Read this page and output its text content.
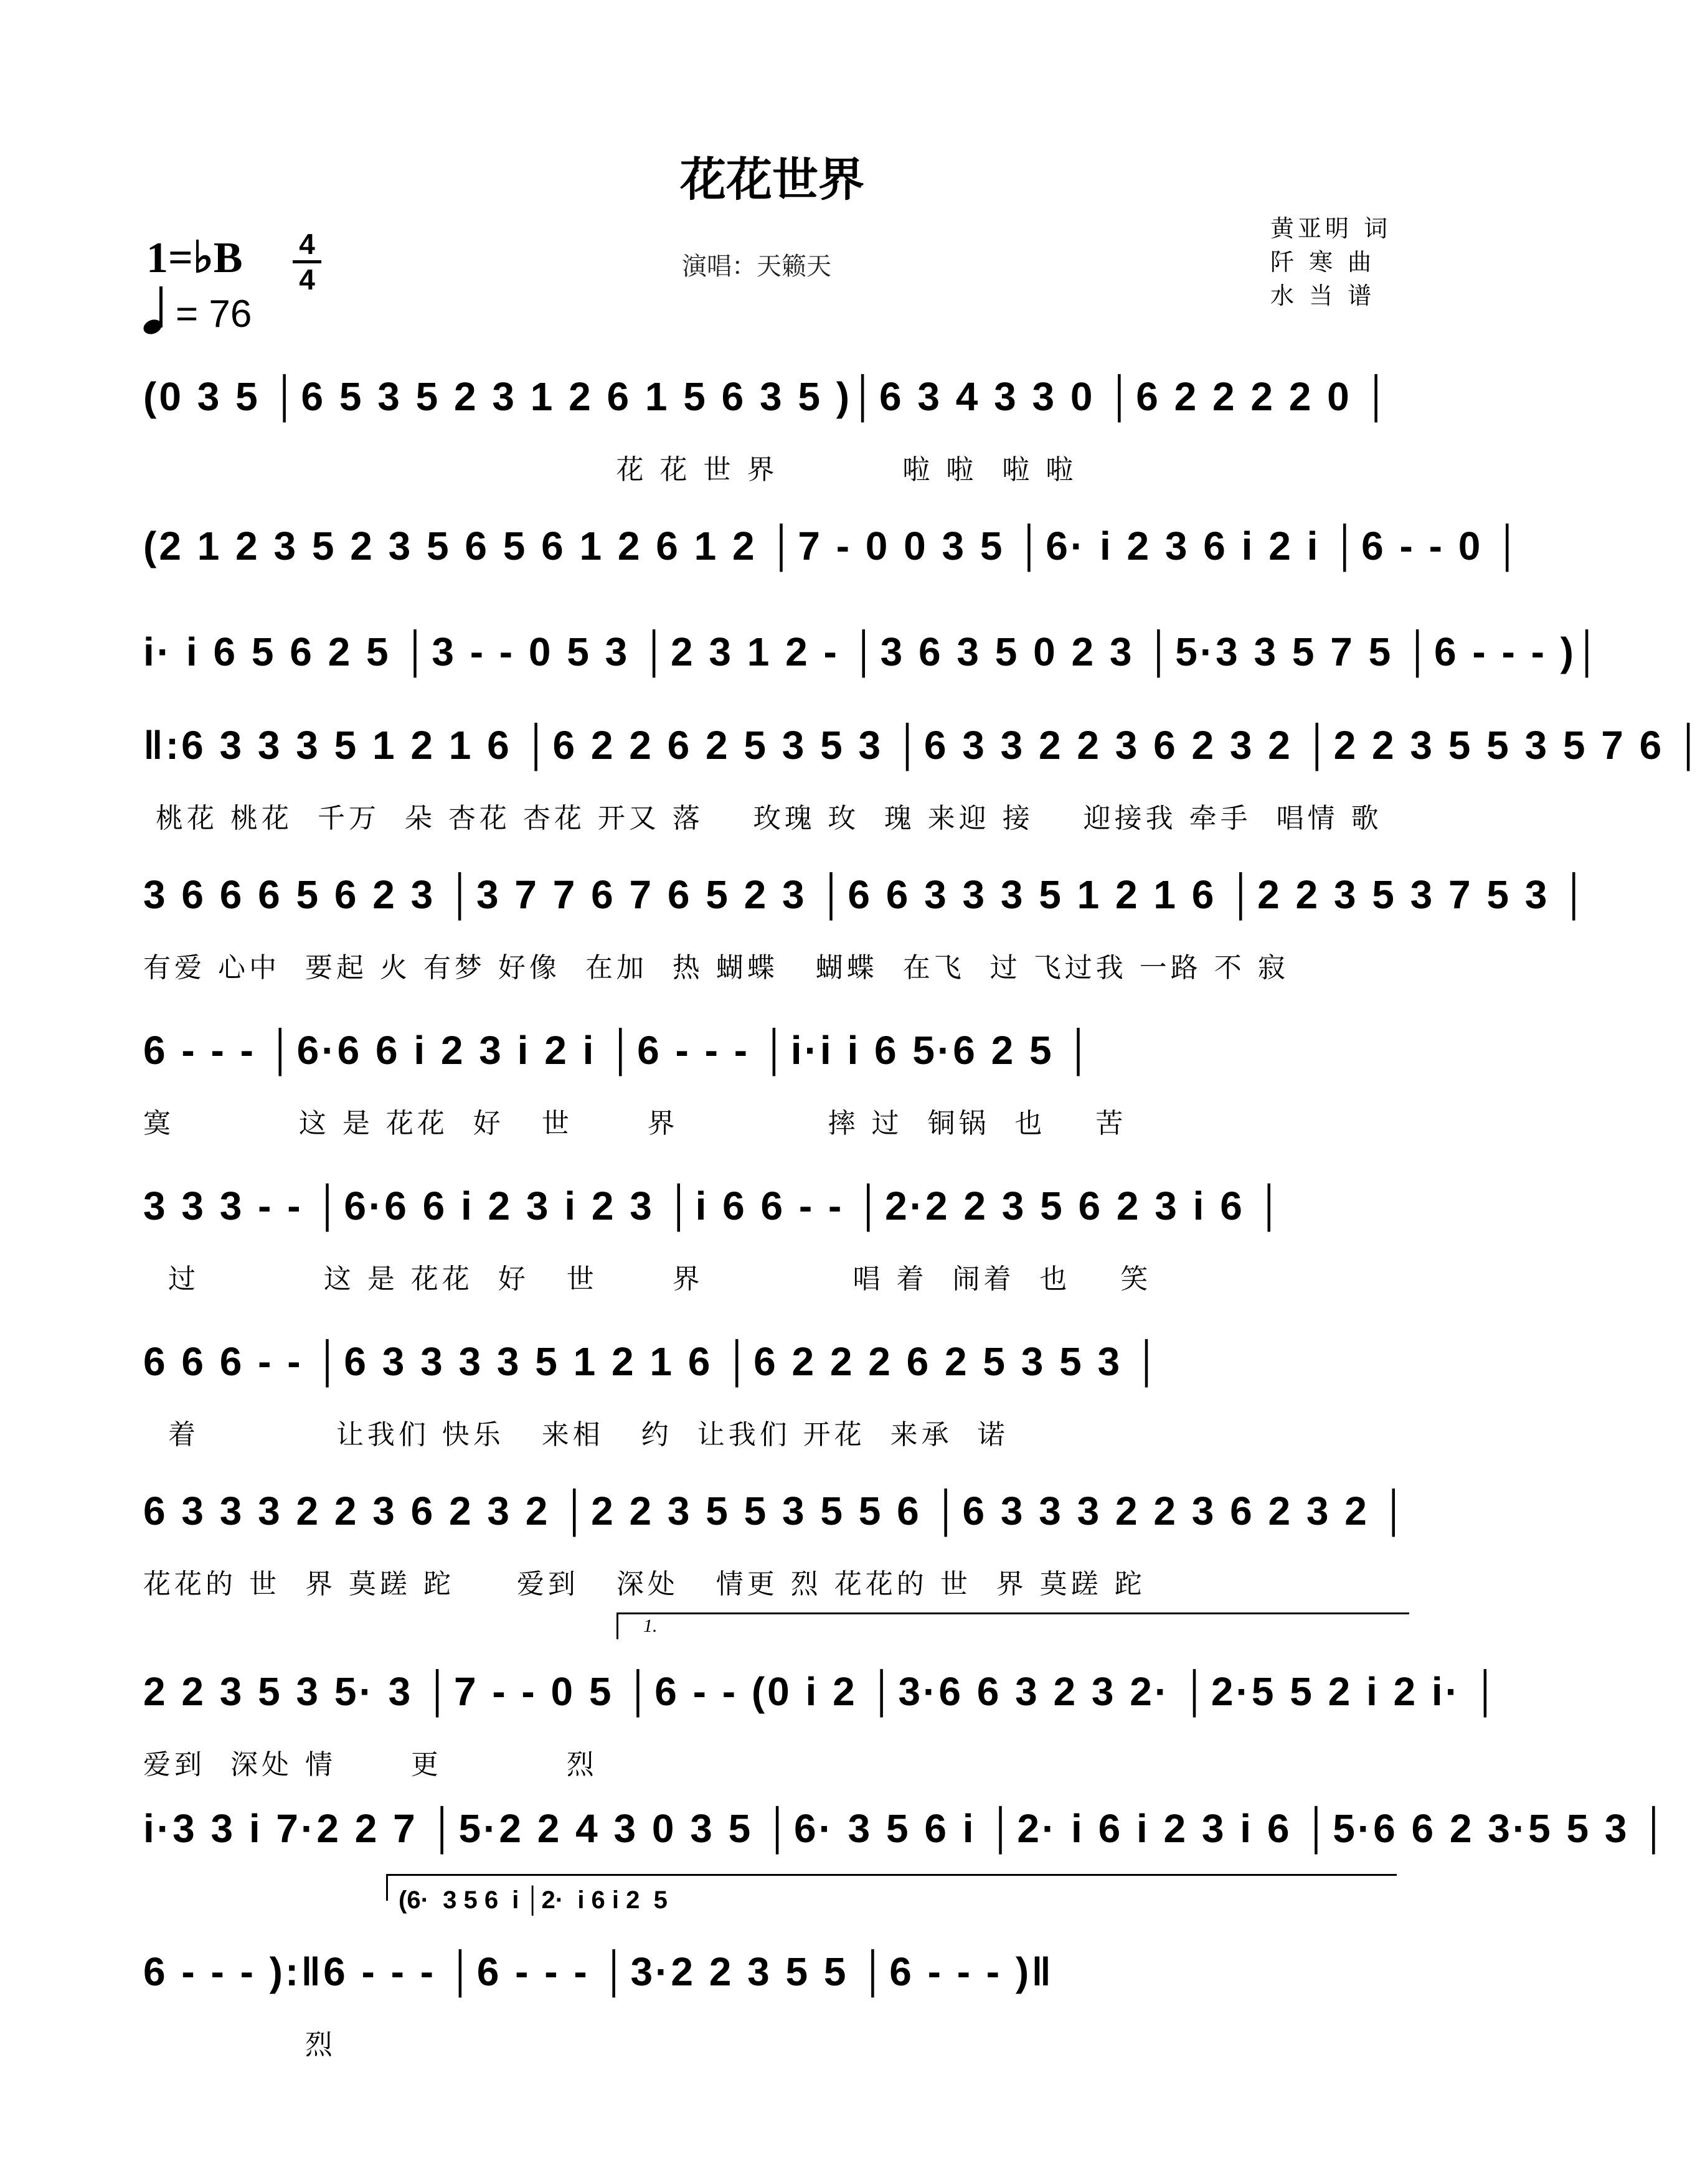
花花世界
1=♭B 4
4
= 76
演唱：天籁天
黄亚明 词
阡 寒 曲
水 当 谱
(0 3 5 │6 5 3 5 2 3 1 2 6 1 5 6 3 5 )│6 3 4 3 3 0 │6 2 2 2 2 0 │
花 花 世 界          啦 啦  啦 啦
(2 1 2 3 5 2 3 5 6 5 6 1 2 6 1 2 │7 - 0 0 3 5 │6· i 2 3 6 i 2 i │6 - - 0 │
i· i 6 5 6 2 5 │3 - - 0 5 3 │2 3 1 2 - │3 6 3 5 0 2 3 │5·3 3 5 7 5 │6 - - - )│
‖:6 3 3 3 5 1 2 1 6 │6 2 2 6 2 5 3 5 3 │6 3 3 2 2 3 6 2 3 2 │2 2 3 5 5 3 5 7 6 │
桃花 桃花  千万  朵 杏花 杏花 开又 落    玫瑰 玫  瑰 来迎 接    迎接我 牵手  唱情 歌
3 6 6 6 5 6 2 3 │3 7 7 6 7 6 5 2 3 │6 6 3 3 3 5 1 2 1 6 │2 2 3 5 3 7 5 3 │
有爱 心中  要起 火 有梦 好像  在加  热 蝴蝶   蝴蝶  在飞  过 飞过我 一路 不 寂
6 - - - │6·6 6 i 2 3 i 2 i │6 - - - │i·i i 6 5·6 2 5 │
寞          这 是 花花  好   世      界            摔 过  铜锅  也    苦
3 3 3 - - │6·6 6 i 2 3 i 2 3 │i 6 6 - - │2·2 2 3 5 6 2 3 i 6 │
过          这 是 花花  好   世      界            唱 着  闹着  也    笑
6 6 6 - - │6 3 3 3 3 5 1 2 1 6 │6 2 2 2 6 2 5 3 5 3 │
着           让我们 快乐   来相   约  让我们 开花  来承  诺
6 3 3 3 2 2 3 6 2 3 2 │2 2 3 5 5 3 5 5 6 │6 3 3 3 2 2 3 6 2 3 2 │
花花的 世  界 莫蹉 跎     爱到   深处   情更 烈 花花的 世  界 莫蹉 跎
1.
2 2 3 5 3 5· 3 │7 - - 0 5 │6 - - (0 i 2 │3·6 6 3 2 3 2· │2·5 5 2 i 2 i· │
爱到  深处 情      更          烈
i·3 3 i 7·2 2 7 │5·2 2 4 3 0 3 5 │6· 3 5 6 i │2· i 6 i 2 3 i 6 │5·6 6 2 3·5 5 3 │
(6·  3 5 6  i │2·  i 6 i 2  5
6 - - - ):‖6 - - - │6 - - - │3·2 2 3 5 5 │6 - - - )‖
烈
